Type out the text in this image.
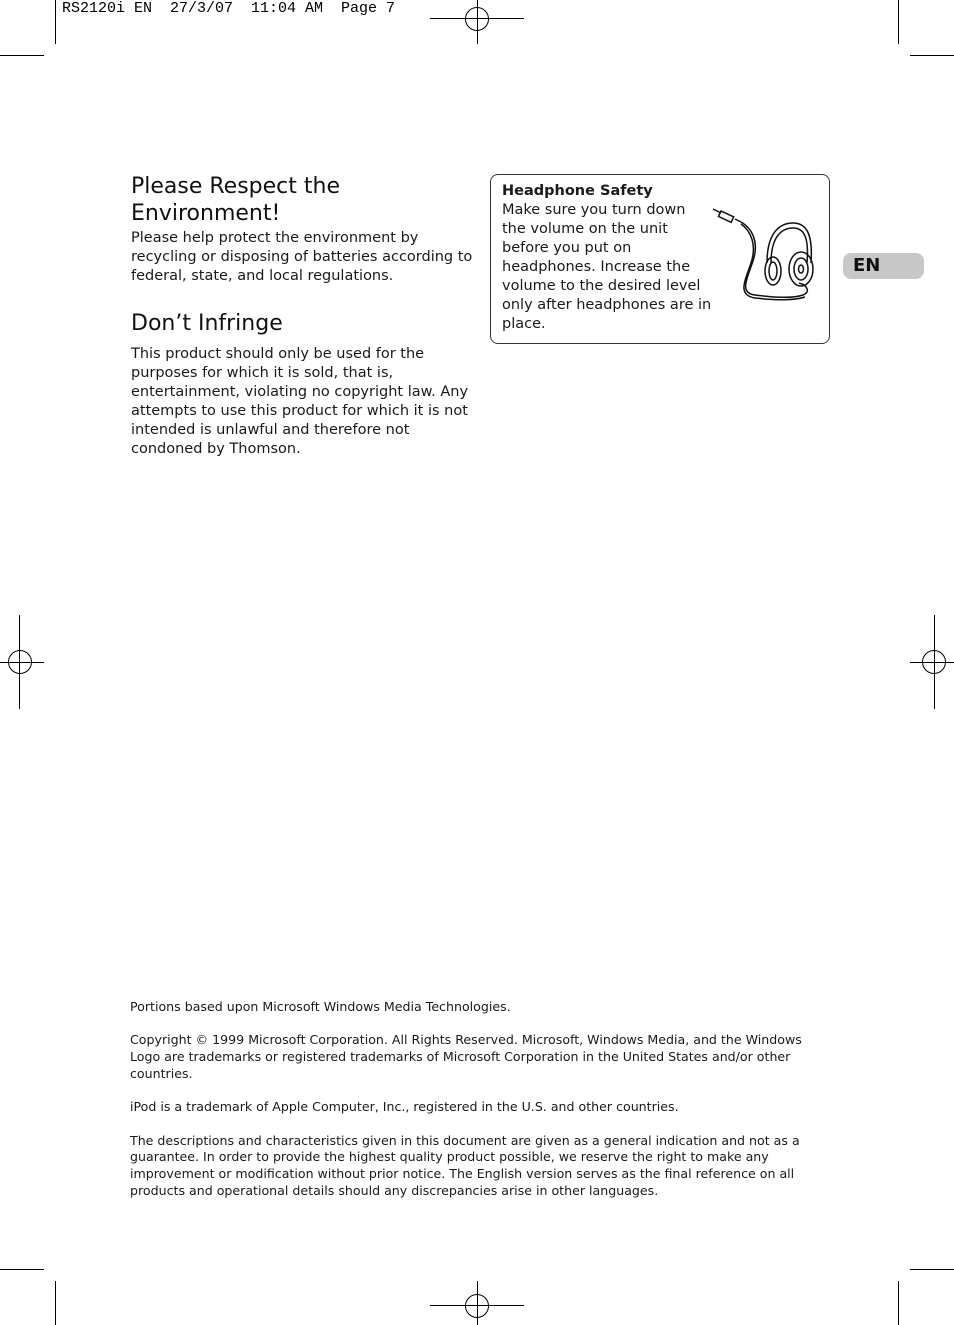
RS2120i EN  27/3/07  11:04 AM  Page 7
Please Respect the
Environment!

Please help protect the environment by recycling or disposing of batteries according to federal, state, and local regulations.

Don’t Infringe

This product should only be used for the purposes for which it is sold, that is, entertainment, violating no copyright law. Any attempts to use this product for which it is not intended is unlawful and therefore not condoned by Thomson.

Headphone Safety
Make sure you turn down the volume on the unit before you put on headphones. Increase the volume to the desired level only after headphones are in place.
EN

Portions based upon Microsoft Windows Media Technologies.

Copyright © 1999 Microsoft Corporation. All Rights Reserved. Microsoft, Windows Media, and the Windows Logo are trademarks or registered trademarks of Microsoft Corporation in the United States and/or other countries.

iPod is a trademark of Apple Computer, Inc., registered in the U.S. and other countries.

The descriptions and characteristics given in this document are given as a general indication and not as a guarantee. In order to provide the highest quality product possible, we reserve the right to make any improvement or modification without prior notice. The English version serves as the final reference on all products and operational details should any discrepancies arise in other languages.
